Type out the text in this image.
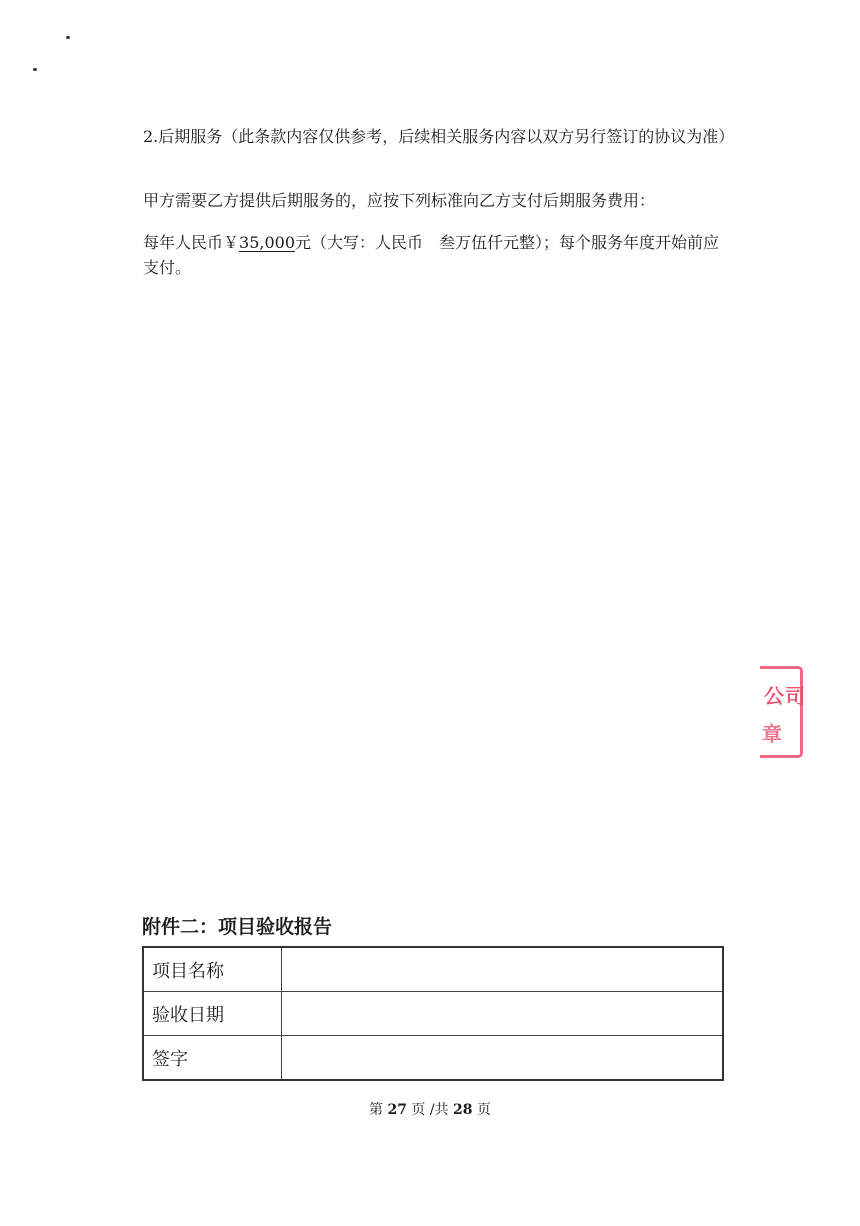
2.后期服务（此条款内容仅供参考，后续相关服务内容以双方另行签订的协议为准）

甲方需要乙方提供后期服务的，应按下列标准向乙方支付后期服务费用：

每年人民币￥35,000元（大写：人民币　叁万伍仟元整）；每个服务年度开始前应支付。

公司
章
附件二：项目验收报告
项目名称	
验收日期	
签字	
第 27 页 /共 28 页
